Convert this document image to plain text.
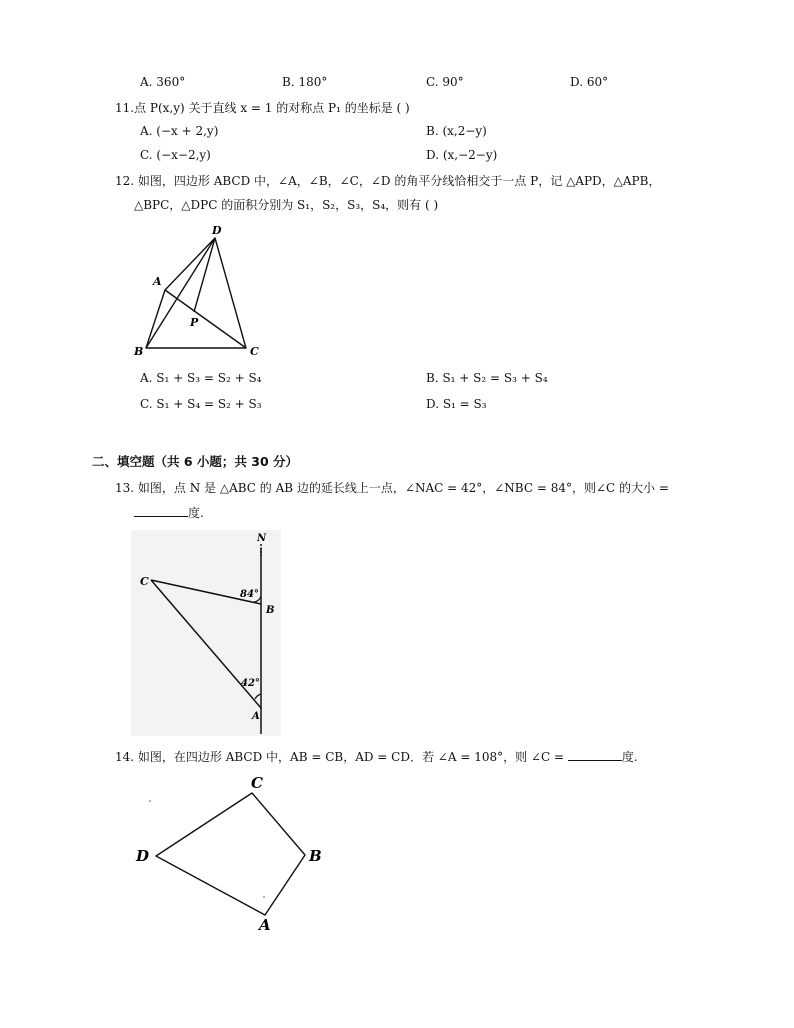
A. 360°	B. 180°	C. 90°	D. 60°
11.点 P(x,y) 关于直线 x = 1 的对称点 P₁ 的坐标是 ( )
A. (−x + 2,y)	B. (x,2−y)
C. (−x−2,y)	D. (x,−2−y)
12. 如图，四边形 ABCD 中，∠A，∠B，∠C，∠D 的角平分线恰相交于一点 P，记 △APD，△APB，
△BPC，△DPC 的面积分别为 S₁，S₂，S₃，S₄，则有 ( )
D
A
P
B	C
A. S₁ + S₃ = S₂ + S₄	B. S₁ + S₂ = S₃ + S₄
C. S₁ + S₄ = S₂ + S₃	D. S₁ = S₃
二、填空题（共 6 小题；共 30 分）
13. 如图，点 N 是 △ABC 的 AB 边的延长线上一点，∠NAC = 42°，∠NBC = 84°，则∠C 的大小 =
度.
N
C
84°
B
42°
A
14. 如图，在四边形 ABCD 中，AB = CB，AD = CD．若 ∠A = 108°，则 ∠C =	度.
C
D	B
A
